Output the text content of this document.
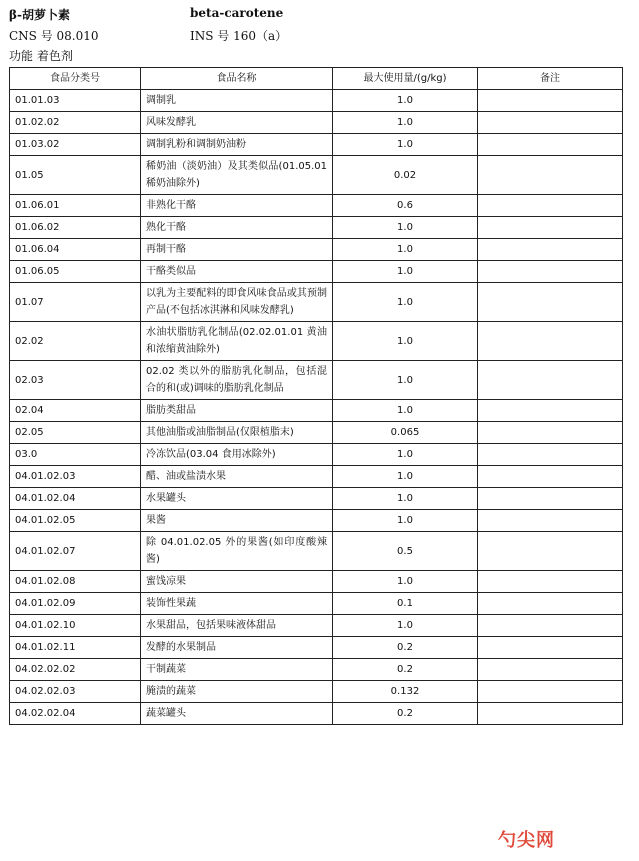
β-胡萝卜素	beta-carotene
CNS 号 08.010	INS 号 160（a）
功能 着色剂
食品分类号	食品名称	最大使用量/(g/kg)	备注
01.01.03	调制乳	1.0	
01.02.02	风味发酵乳	1.0	
01.03.02	调制乳粉和调制奶油粉	1.0	
01.05	稀奶油（淡奶油）及其类似品(01.05.01 稀奶油除外)	0.02	
01.06.01	非熟化干酪	0.6	
01.06.02	熟化干酪	1.0	
01.06.04	再制干酪	1.0	
01.06.05	干酪类似品	1.0	
01.07	以乳为主要配料的即食风味食品或其预制产品(不包括冰淇淋和风味发酵乳)	1.0	
02.02	水油状脂肪乳化制品(02.02.01.01 黄油和浓缩黄油除外)	1.0	
02.03	02.02 类以外的脂肪乳化制品，包括混合的和(或)调味的脂肪乳化制品	1.0	
02.04	脂肪类甜品	1.0	
02.05	其他油脂或油脂制品(仅限植脂末)	0.065	
03.0	冷冻饮品(03.04 食用冰除外)	1.0	
04.01.02.03	醋、油或盐渍水果	1.0	
04.01.02.04	水果罐头	1.0	
04.01.02.05	果酱	1.0	
04.01.02.07	除 04.01.02.05 外的果酱(如印度酸辣酱)	0.5	
04.01.02.08	蜜饯凉果	1.0	
04.01.02.09	装饰性果蔬	0.1	
04.01.02.10	水果甜品，包括果味液体甜品	1.0	
04.01.02.11	发酵的水果制品	0.2	
04.02.02.02	干制蔬菜	0.2	
04.02.02.03	腌渍的蔬菜	0.132	
04.02.02.04	蔬菜罐头	0.2	
勺尖网
